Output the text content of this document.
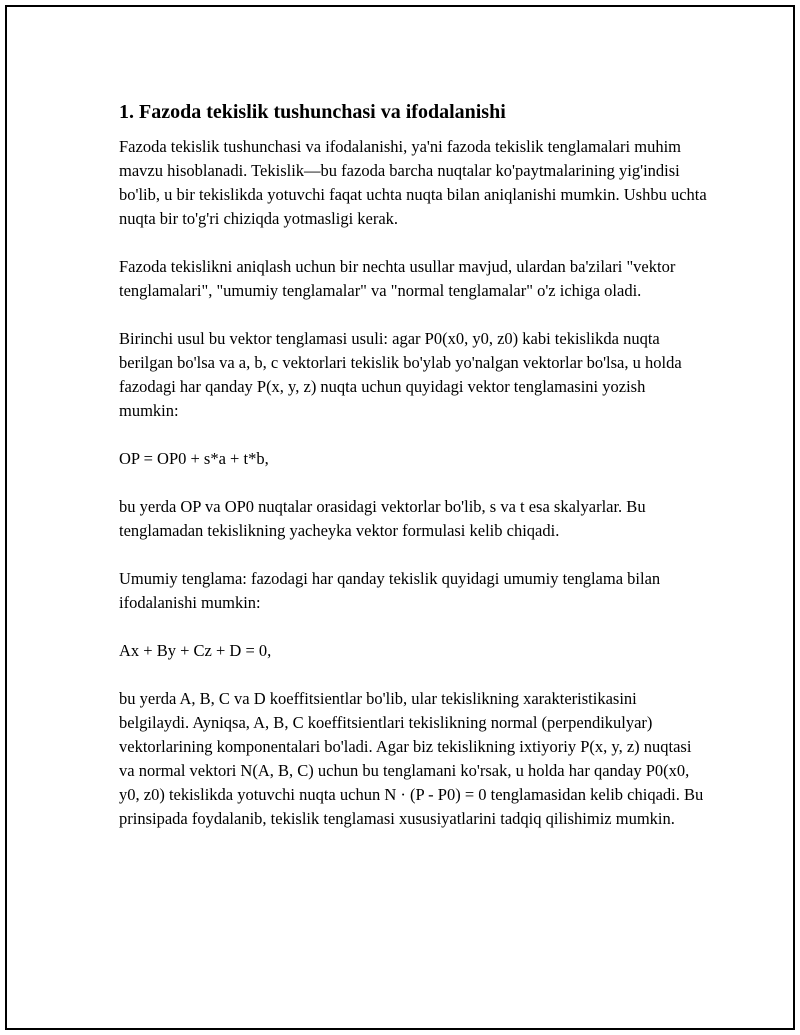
1. Fazoda tekislik tushunchasi va ifodalanishi

Fazoda tekislik tushunchasi va ifodalanishi, ya'ni fazoda tekislik tenglamalari muhim mavzu hisoblanadi. Tekislik—bu fazoda barcha nuqtalar ko'paytmalarining yig'indisi bo'lib, u bir tekislikda yotuvchi faqat uchta nuqta bilan aniqlanishi mumkin. Ushbu uchta nuqta bir to'g'ri chiziqda yotmasligi kerak.

Fazoda tekislikni aniqlash uchun bir nechta usullar mavjud, ulardan ba'zilari "vektor tenglamalari", "umumiy tenglamalar" va "normal tenglamalar" o'z ichiga oladi.

Birinchi usul bu vektor tenglamasi usuli: agar P0(x0, y0, z0) kabi tekislikda nuqta berilgan bo'lsa va a, b, c vektorlari tekislik bo'ylab yo'nalgan vektorlar bo'lsa, u holda fazodagi har qanday P(x, y, z) nuqta uchun quyidagi vektor tenglamasini yozish mumkin:

OP = OP0 + s*a + t*b,

bu yerda OP va OP0 nuqtalar orasidagi vektorlar bo'lib, s va t esa skalyarlar. Bu tenglamadan tekislikning yacheyka vektor formulasi kelib chiqadi.

Umumiy tenglama: fazodagi har qanday tekislik quyidagi umumiy tenglama bilan ifodalanishi mumkin:

Ax + By + Cz + D = 0,

bu yerda A, B, C va D koeffitsientlar bo'lib, ular tekislikning xarakteristikasini belgilaydi. Ayniqsa, A, B, C koeffitsientlari tekislikning normal (perpendikulyar) vektorlarining komponentalari bo'ladi. Agar biz tekislikning ixtiyoriy P(x, y, z) nuqtasi va normal vektori N(A, B, C) uchun bu tenglamani ko'rsak, u holda har qanday P0(x0, y0, z0) tekislikda yotuvchi nuqta uchun N · (P - P0) = 0 tenglamasidan kelib chiqadi. Bu prinsipada foydalanib, tekislik tenglamasi xususiyatlarini tadqiq qilishimiz mumkin.
